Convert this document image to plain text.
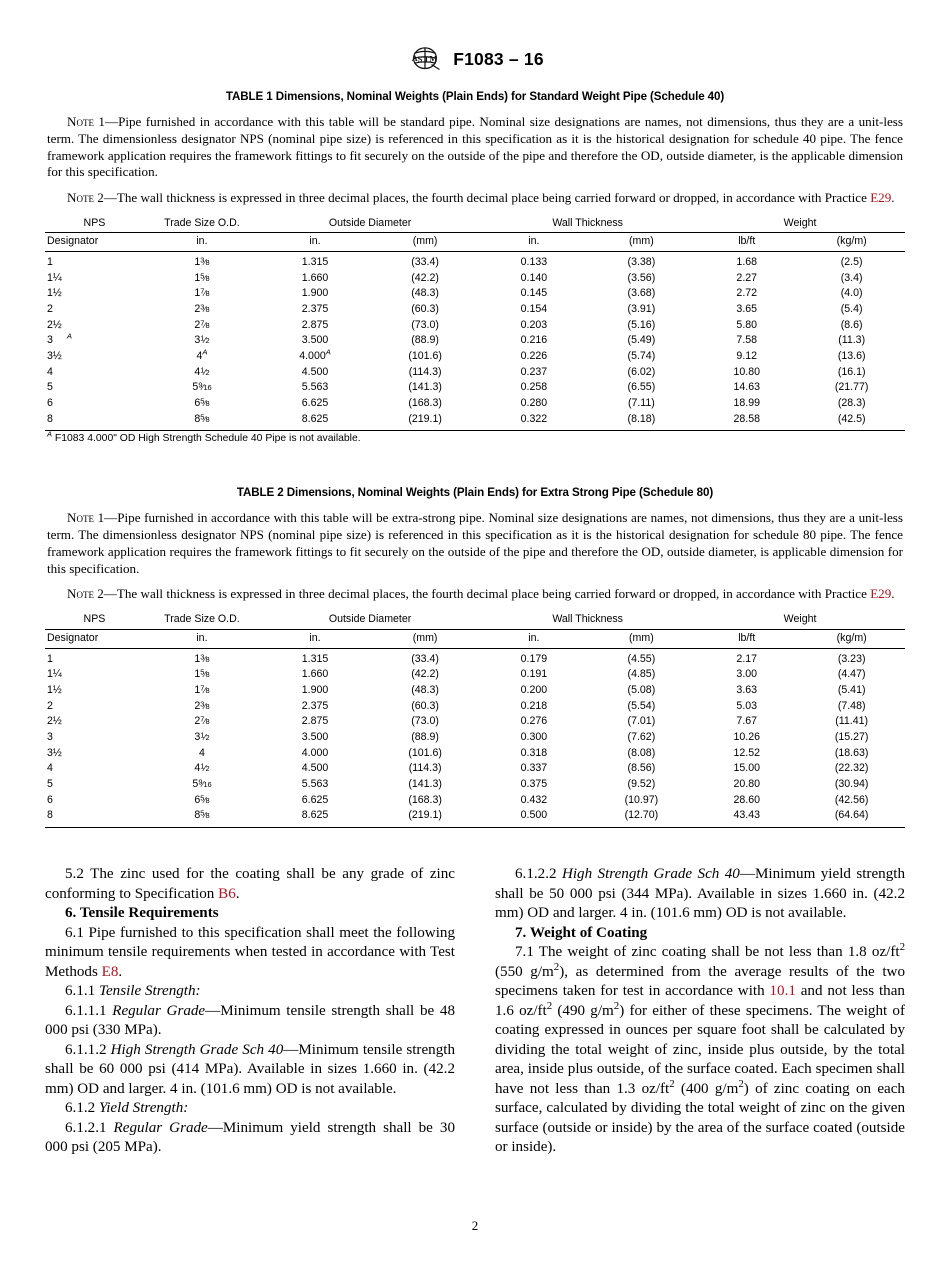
A S T M F1083 – 16
TABLE 1 Dimensions, Nominal Weights (Plain Ends) for Standard Weight Pipe (Schedule 40)

Note 1—Pipe furnished in accordance with this table will be standard pipe. Nominal size designations are names, not dimensions, thus they are a unit-less term. The dimensionless designator NPS (nominal pipe size) is referenced in this specification as it is the historical designation for schedule 40 pipe. The fence framework application requires the framework fittings to fit securely on the outside of the pipe and therefore the OD, outside diameter, is the applicable dimension for this specification.

Note 2—The wall thickness is expressed in three decimal places, the fourth decimal place being carried forward or dropped, in accordance with Practice E29.

NPS	Trade Size O.D.	Outside Diameter		Wall Thickness		Weight	
Designator	in.	in.	(mm)	in.	(mm)	lb/ft	(kg/m)
1	$1^3⁄_8$	1.315	(33.4)	0.133	(3.38)	1.68	(2.5)
1¼	$1^5⁄_8$	1.660	(42.2)	0.140	(3.56)	2.27	(3.4)
1½	$1^7⁄_8$	1.900	(48.3)	0.145	(3.68)	2.72	(4.0)
2	$2^3⁄_8$	2.375	(60.3)	0.154	(3.91)	3.65	(5.4)
2½	$2^7⁄_8$	2.875	(73.0)	0.203	(5.16)	5.80	(8.6)
3 $^A$	$3^1⁄_2$	3.500	(88.9)	0.216	(5.49)	7.58	(11.3)
3½	$4^A$	$4.000^A$	(101.6)	0.226	(5.74)	9.12	(13.6)
4	$4^1⁄_2$	4.500	(114.3)	0.237	(6.02)	10.80	(16.1)
5	$5^9⁄_{16}$	5.563	(141.3)	0.258	(6.55)	14.63	(21.77)
6	$6^5⁄_8$	6.625	(168.3)	0.280	(7.11)	18.99	(28.3)
8	$8^5⁄_8$	8.625	(219.1)	0.322	(8.18)	28.58	(42.5)
$^A$ F1083 4.000" OD High Strength Schedule 40 Pipe is not available.
TABLE 2 Dimensions, Nominal Weights (Plain Ends) for Extra Strong Pipe (Schedule 80)

Note 1—Pipe furnished in accordance with this table will be extra-strong pipe. Nominal size designations are names, not dimensions, thus they are a unit-less term. The dimensionless designator NPS (nominal pipe size) is referenced in this specification as it is the historical designation for schedule 80 pipe. The fence framework application requires the framework fittings to fit securely on the outside of the pipe and therefore the OD, outside diameter, is applicable dimension for this specification.

Note 2—The wall thickness is expressed in three decimal places, the fourth decimal place being carried forward or dropped, in accordance with Practice E29.

NPS	Trade Size O.D.	Outside Diameter		Wall Thickness		Weight	
Designator	in.	in.	(mm)	in.	(mm)	lb/ft	(kg/m)
1	$1^3⁄_8$	1.315	(33.4)	0.179	(4.55)	2.17	(3.23)
1¼	$1^5⁄_8$	1.660	(42.2)	0.191	(4.85)	3.00	(4.47)
1½	$1^7⁄_8$	1.900	(48.3)	0.200	(5.08)	3.63	(5.41)
2	$2^3⁄_8$	2.375	(60.3)	0.218	(5.54)	5.03	(7.48)
2½	$2^7⁄_8$	2.875	(73.0)	0.276	(7.01)	7.67	(11.41)
3	$3^1⁄_2$	3.500	(88.9)	0.300	(7.62)	10.26	(15.27)
3½	4	4.000	(101.6)	0.318	(8.08)	12.52	(18.63)
4	$4^1⁄_2$	4.500	(114.3)	0.337	(8.56)	15.00	(22.32)
5	$5^9⁄_{16}$	5.563	(141.3)	0.375	(9.52)	20.80	(30.94)
6	$6^5⁄_8$	6.625	(168.3)	0.432	(10.97)	28.60	(42.56)
8	$8^5⁄_8$	8.625	(219.1)	0.500	(12.70)	43.43	(64.64)

5.2 The zinc used for the coating shall be any grade of zinc conforming to Specification B6.

6. Tensile Requirements

6.1 Pipe furnished to this specification shall meet the following minimum tensile requirements when tested in accordance with Test Methods E8.

6.1.1 Tensile Strength:

6.1.1.1 Regular Grade—Minimum tensile strength shall be 48 000 psi (330 MPa).

6.1.1.2 High Strength Grade Sch 40—Minimum tensile strength shall be 60 000 psi (414 MPa). Available in sizes 1.660 in. (42.2 mm) OD and larger. 4 in. (101.6 mm) OD is not available.

6.1.2 Yield Strength:

6.1.2.1 Regular Grade—Minimum yield strength shall be 30 000 psi (205 MPa).

6.1.2.2 High Strength Grade Sch 40—Minimum yield strength shall be 50 000 psi (344 MPa). Available in sizes 1.660 in. (42.2 mm) OD and larger. 4 in. (101.6 mm) OD is not available.

7. Weight of Coating

7.1 The weight of zinc coating shall be not less than 1.8 $oz/ft^2$ (550 $g/m^2$), as determined from the average results of the two specimens taken for test in accordance with 10.1 and not less than 1.6 $oz/ft^2$ (490 $g/m^2$) for either of these specimens. The weight of coating expressed in ounces per square foot shall be calculated by dividing the total weight of zinc, inside plus outside, by the total area, inside plus outside, of the surface coated. Each specimen shall have not less than 1.3 $oz/ft^2$ (400 $g/m^2$) of zinc coating on each surface, calculated by dividing the total weight of zinc on the given surface (outside or inside) by the area of the surface coated (outside or inside).

2
